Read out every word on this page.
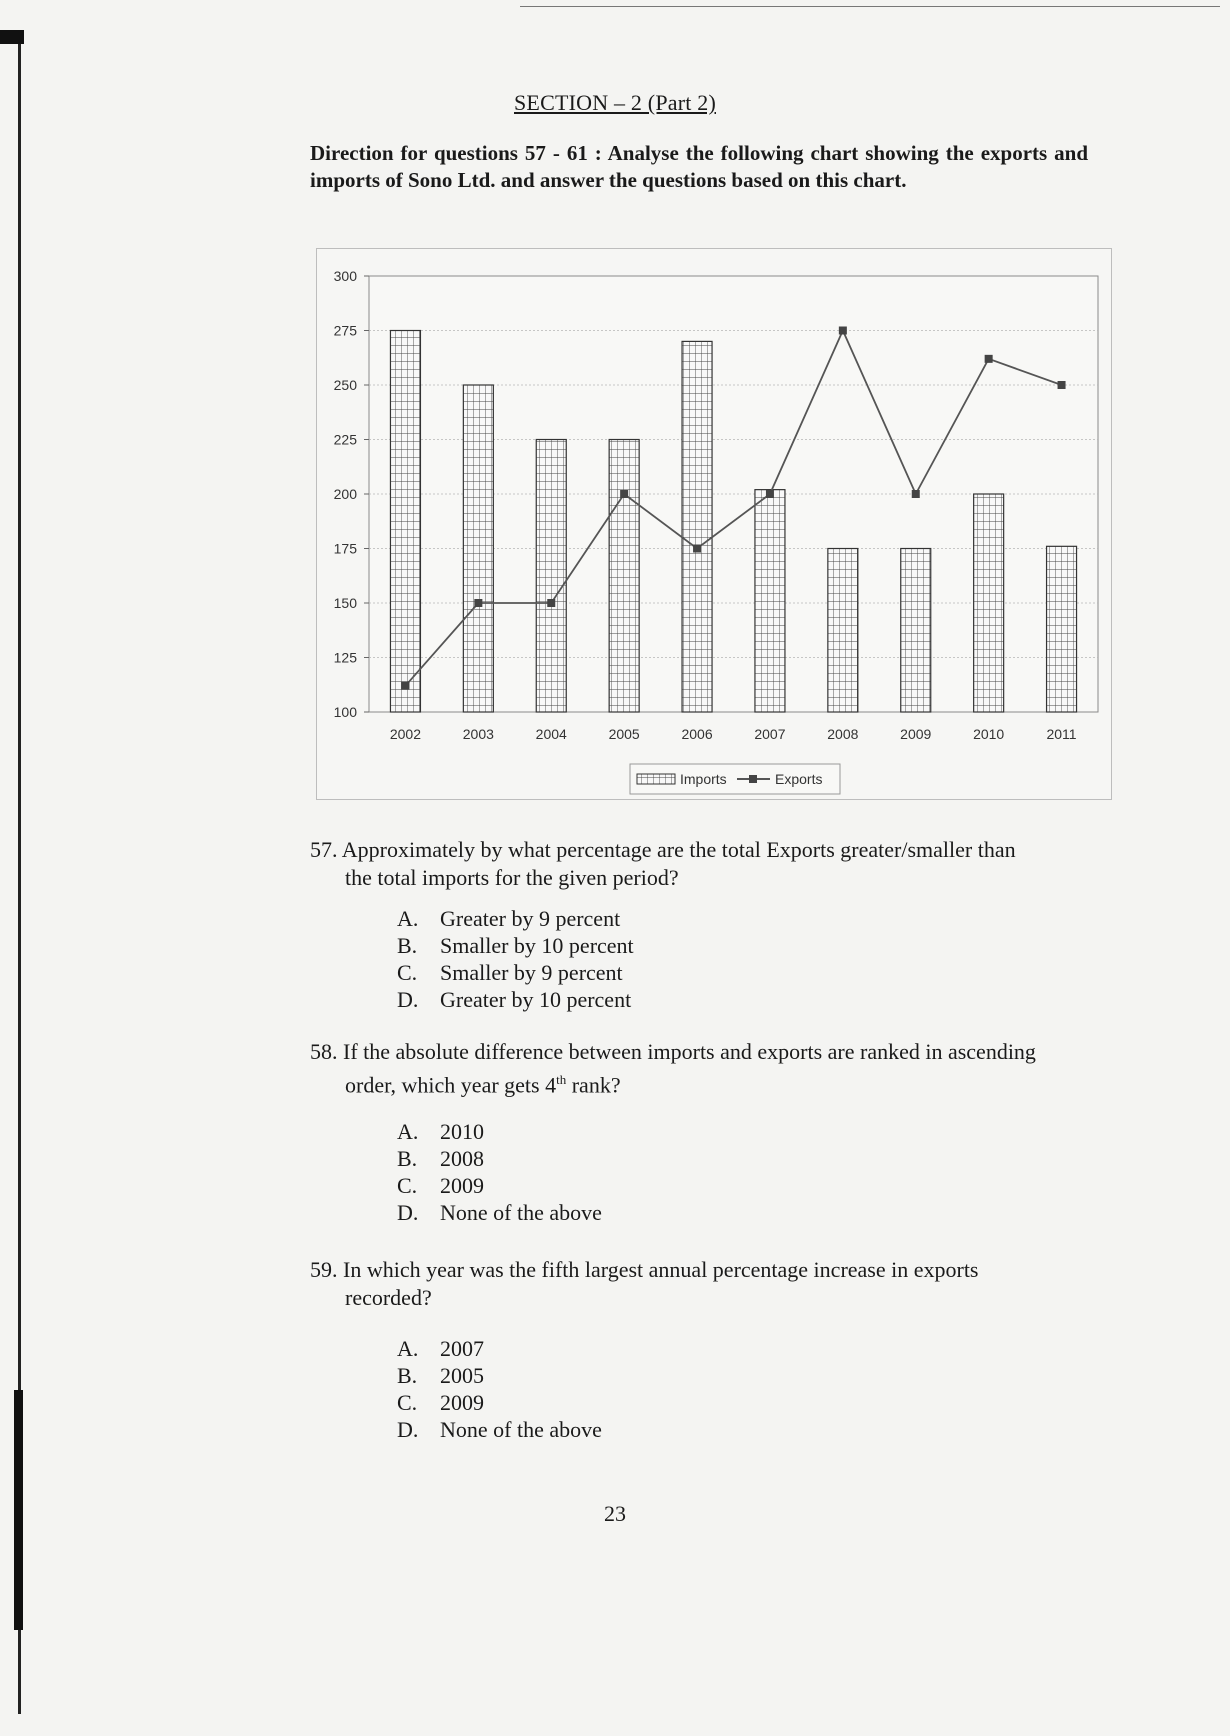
SECTION – 2 (Part 2)
Direction for questions 57 - 61 : Analyse the following chart showing the exports and imports of Sono Ltd. and answer the questions based on this chart.
100
125
150
175
200
225
250
275
300
2002	2003	2004	2005	2006	2007	2008	2009	2010	2011
Imports	Exports
57. Approximately by what percentage are the total Exports greater/smaller than
the total imports for the given period?
A. Greater by 9 percent
B. Smaller by 10 percent
C. Smaller by 9 percent
D. Greater by 10 percent
58. If the absolute difference between imports and exports are ranked in ascending
order, which year gets 4th rank?
A. 2010
B. 2008
C. 2009
D. None of the above
59. In which year was the fifth largest annual percentage increase in exports
recorded?
A. 2007
B. 2005
C. 2009
D. None of the above
23
